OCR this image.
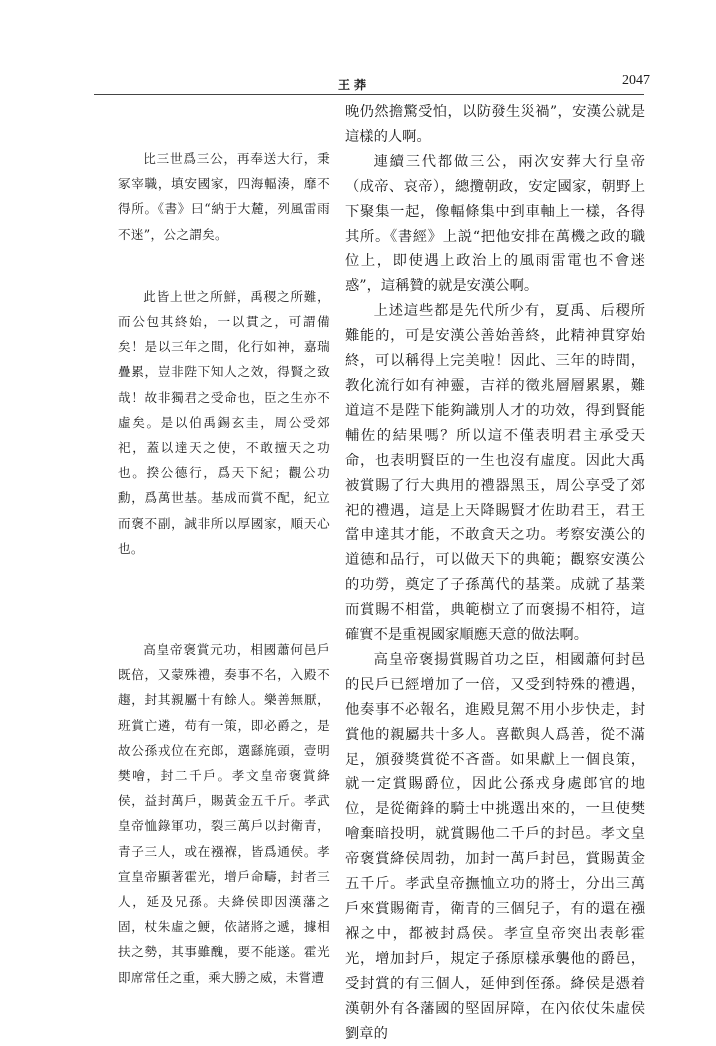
王莽	2047

比三世爲三公，再奉送大行，秉冢宰職，填安國家，四海輻湊，靡不得所。《書》曰“納于大麓，列風雷雨不迷”，公之謂矣。

此皆上世之所鮮，禹稷之所難，而公包其終始，一以貫之，可謂備矣！是以三年之間，化行如神，嘉瑞疊累，豈非陛下知人之效，得賢之致哉！故非獨君之受命也，臣之生亦不虛矣。是以伯禹錫玄圭，周公受郊祀，蓋以達天之使，不敢擅天之功也。揆公德行，爲天下紀；觀公功勳，爲萬世基。基成而賞不配，紀立而褒不副，誠非所以厚國家，順天心也。

高皇帝褒賞元功，相國蕭何邑戶既倍，又蒙殊禮，奏事不名，入殿不趨，封其親屬十有餘人。樂善無厭，班賞亡遴，苟有一策，即必爵之，是故公孫戎位在充郎，選繇旄頭，壹明樊噲，封二千戶。孝文皇帝褒賞絳侯，益封萬戶，賜黃金五千斤。孝武皇帝恤錄軍功，裂三萬戶以封衛青，青子三人，或在襁褓，皆爲通侯。孝宣皇帝顯著霍光，增戶命疇，封者三人，延及兄孫。夫絳侯即因漢藩之固，杖朱虛之鯁，依諸將之遞，據相扶之勢，其事雖醜，要不能遂。霍光即席常任之重，乘大勝之威，未嘗遭

晚仍然擔驚受怕，以防發生災禍”，安漢公就是這樣的人啊。

連續三代都做三公，兩次安葬大行皇帝（成帝、哀帝），總攬朝政，安定國家，朝野上下聚集一起，像輻條集中到車軸上一樣，各得其所。《書經》上説“把他安排在萬機之政的職位上，即使遇上政治上的風雨雷電也不會迷惑”，這稱贊的就是安漢公啊。

上述這些都是先代所少有，夏禹、后稷所難能的，可是安漢公善始善終，此精神貫穿始終，可以稱得上完美啦！因此、三年的時間，教化流行如有神靈，吉祥的徵兆層層累累，難道這不是陛下能夠識別人才的功效，得到賢能輔佐的結果嗎？所以這不僅表明君主承受天命，也表明賢臣的一生也沒有虛度。因此大禹被賞賜了行大典用的禮器黑玉，周公享受了郊祀的禮遇，這是上天降賜賢才佐助君王，君王當申達其才能，不敢貪天之功。考察安漢公的道德和品行，可以做天下的典範；觀察安漢公的功勞，奠定了子孫萬代的基業。成就了基業而賞賜不相當，典範樹立了而褒揚不相符，這確實不是重視國家順應天意的做法啊。

高皇帝褒揚賞賜首功之臣，相國蕭何封邑的民戶已經增加了一倍，又受到特殊的禮遇，他奏事不必報名，進殿見駕不用小步快走，封賞他的親屬共十多人。喜歡與人爲善，從不滿足，頒發獎賞從不吝嗇。如果獻上一個良策，就一定賞賜爵位，因此公孫戎身處郎官的地位，是從衛鋒的騎士中挑選出來的，一旦使樊噲棄暗投明，就賞賜他二千戶的封邑。孝文皇帝褒賞絳侯周勃，加封一萬戶封邑，賞賜黃金五千斤。孝武皇帝撫恤立功的將士，分出三萬戶來賞賜衛青，衛青的三個兒子，有的還在襁褓之中，都被封爲侯。孝宣皇帝突出表彰霍光，增加封戶，規定子孫原樣承襲他的爵邑，受封賞的有三個人，延伸到侄孫。絳侯是憑着漢朝外有各藩國的堅固屏障，在內依仗朱虛侯劉章的
